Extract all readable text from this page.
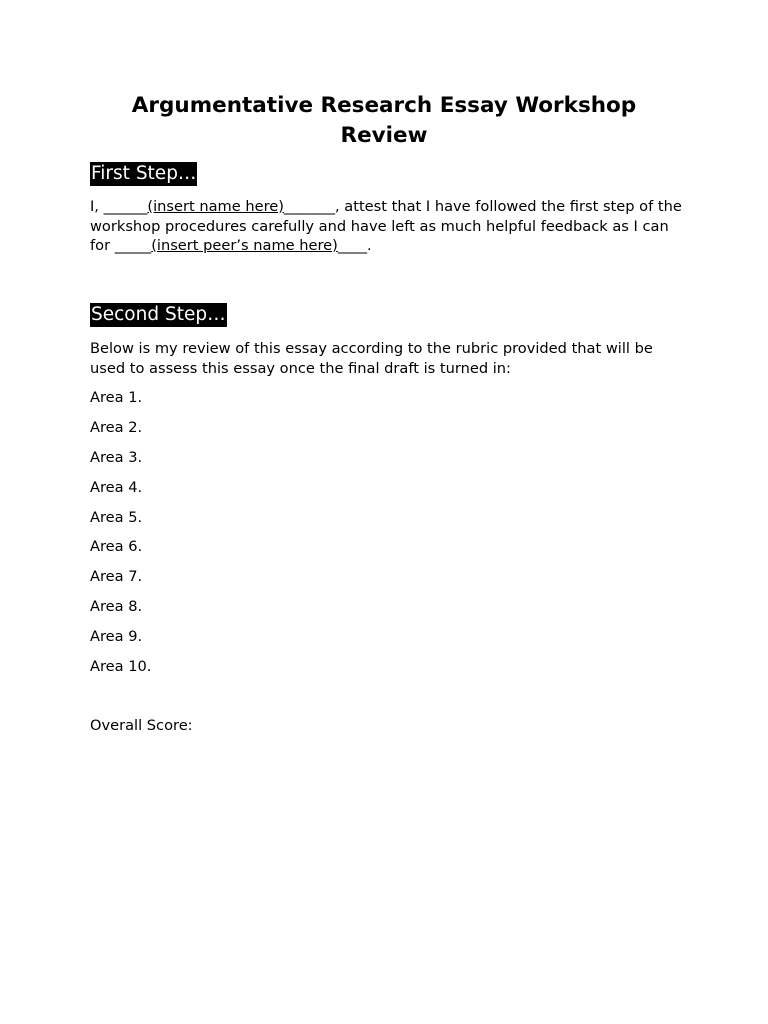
Argumentative Research Essay Workshop Review
First Step…

I, ______(insert name here)_______, attest that I have followed the first step of the workshop procedures carefully and have left as much helpful feedback as I can for _____(insert peer’s name here)____.

Second Step…

Below is my review of this essay according to the rubric provided that will be used to assess this essay once the final draft is turned in:

Area 1.
Area 2.
Area 3.
Area 4.
Area 5.
Area 6.
Area 7.
Area 8.
Area 9.
Area 10.

Overall Score:
